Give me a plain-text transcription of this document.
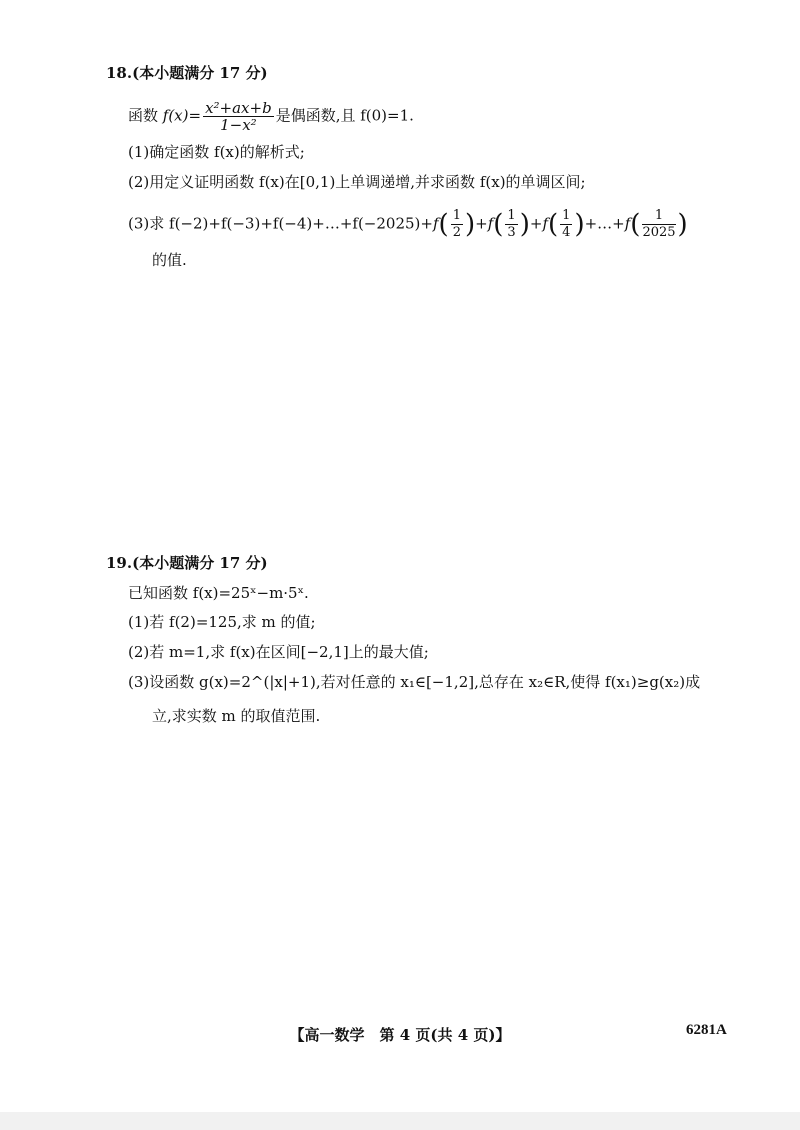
18.(本小题满分 17 分)
函数 $f(x)= \frac{\text{x²+ax+b}}{\text{1−x²}}$ 是偶函数,且 f(0)=1.
(1)确定函数 f(x)的解析式;
(2)用定义证明函数 f(x)在[0,1)上单调递增,并求函数 f(x)的单调区间;
(3)求 f(−2)+f(−3)+f(−4)+…+f(−2025)+f( $\frac{1}{2} )+f( \frac{1}{3} )+f( \frac{1}{4}$ )+…+f( $\frac{1}{2025}$ )
的值.
19.(本小题满分 17 分)
已知函数 f(x)=25ˣ−m·5ˣ.
(1)若 f(2)=125,求 m 的值;
(2)若 m=1,求 f(x)在区间[−2,1]上的最大值;
(3)设函数 g(x)=2^(|x|+1),若对任意的 x₁∈[−1,2],总存在 x₂∈R,使得 f(x₁)≥g(x₂)成
立,求实数 m 的取值范围.
【高一数学　第 4 页(共 4 页)】	6281A
